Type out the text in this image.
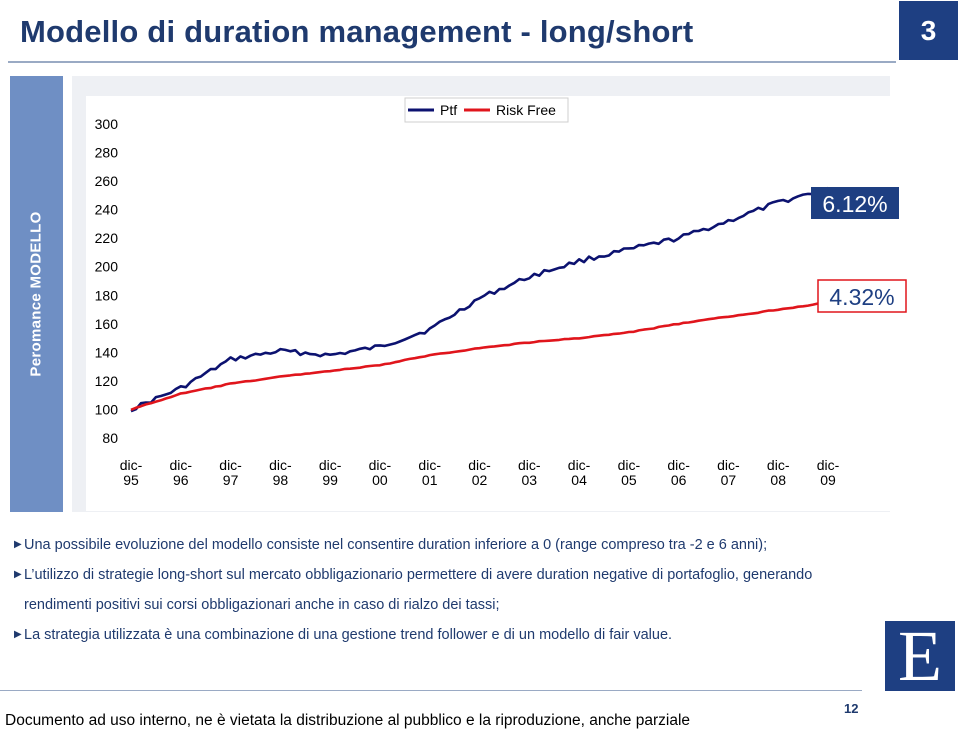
Modello di duration management - long/short	3
Peromance MODELLO
80
100
120
140
160
180
200
220
240
260
280
300
dic-
95
dic-
96
dic-
97
dic-
98
dic-
99
dic-
00
dic-
01
dic-
02
dic-
03
dic-
04
dic-
05
dic-
06
dic-
07
dic-
08
dic-
09
Ptf	Risk Free
6.12%
4.32%
▶ Una possibile evoluzione del modello consiste nel consentire duration inferiore a 0 (range compreso tra -2 e 6 anni);
▶ L’utilizzo di strategie long-short sul mercato obbligazionario permettere di avere duration negative di portafoglio, generando rendimenti positivi sui corsi obbligazionari anche in caso di rialzo dei tassi;
▶ La strategia utilizzata è una combinazione di una gestione trend follower e di un modello di fair value.	E
12
Documento ad uso interno, ne è vietata la distribuzione al pubblico e la riproduzione, anche parziale
